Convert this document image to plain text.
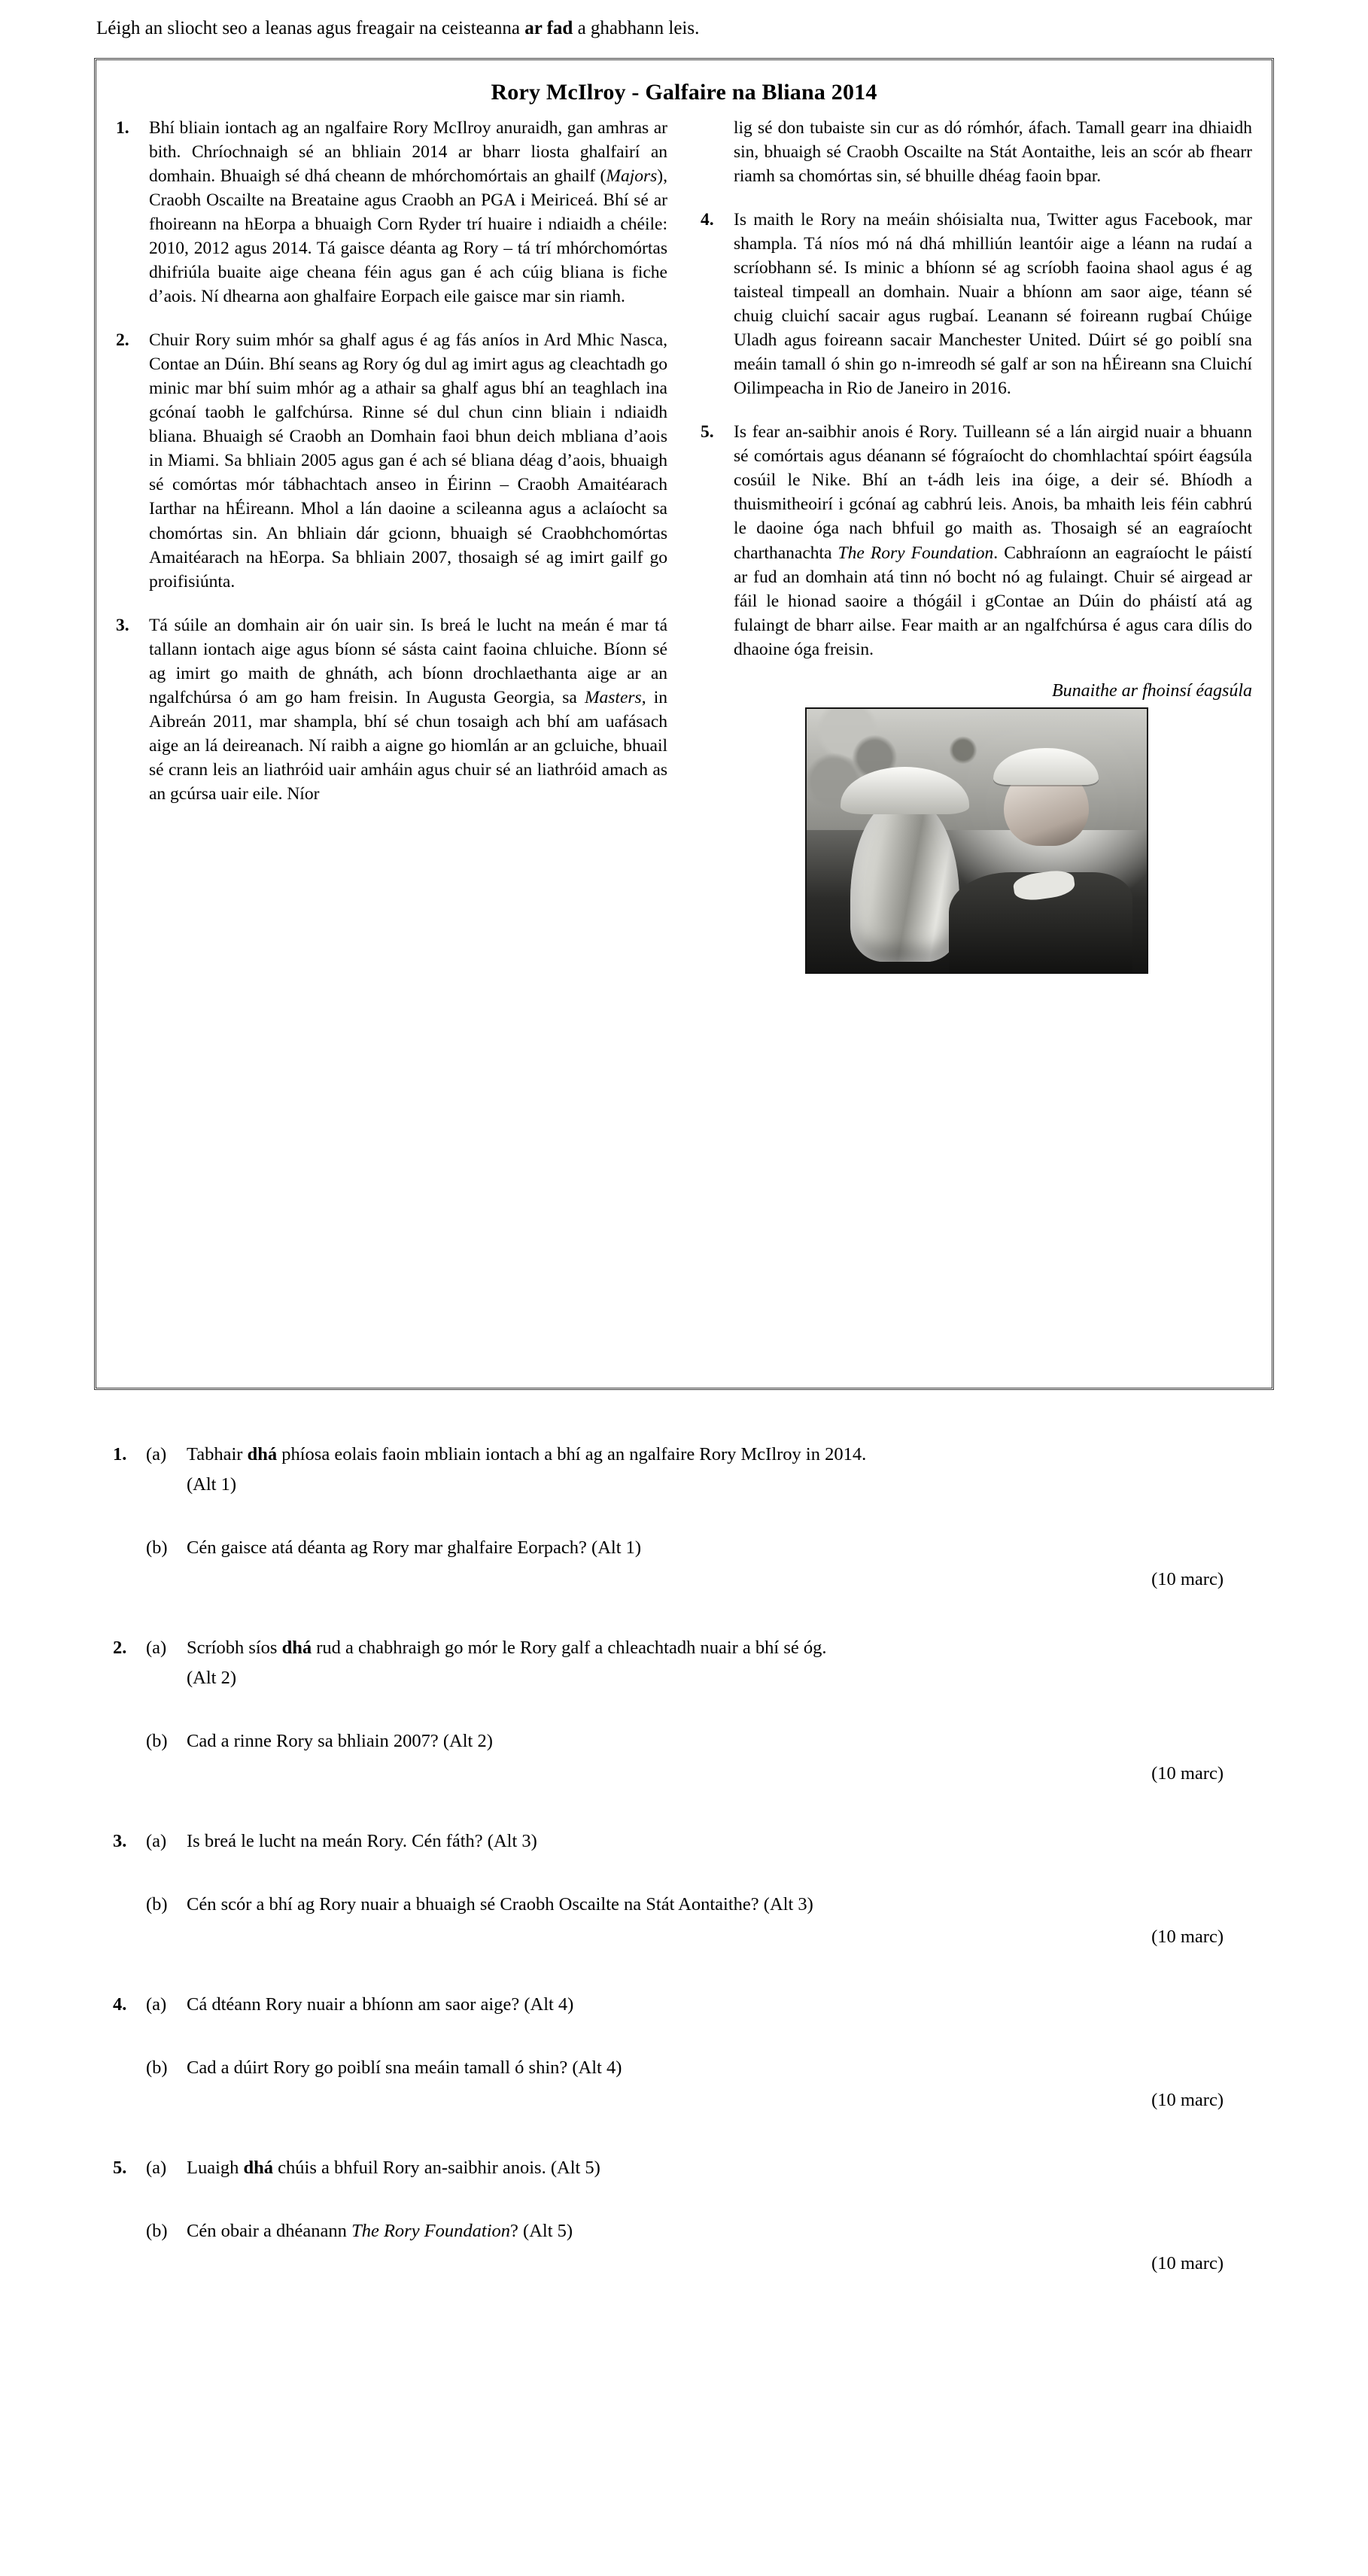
Léigh an sliocht seo a leanas agus freagair na ceisteanna ar fad a ghabhann leis.
Rory McIlroy - Galfaire na Bliana 2014
1.	Bhí bliain iontach ag an ngalfaire Rory McIlroy anuraidh, gan amhras ar bith. Chríochnaigh sé an bhliain 2014 ar bharr liosta ghalfairí an domhain. Bhuaigh sé dhá cheann de mhórchomórtais an ghailf (Majors), Craobh Oscailte na Breataine agus Craobh an PGA i Meiriceá. Bhí sé ar fhoireann na hEorpa a bhuaigh Corn Ryder trí huaire i ndiaidh a chéile: 2010, 2012 agus 2014. Tá gaisce déanta ag Rory – tá trí mhórchomórtas dhifriúla buaite aige cheana féin agus gan é ach cúig bliana is fiche d’aois. Ní dhearna aon ghalfaire Eorpach eile gaisce mar sin riamh.
2.	Chuir Rory suim mhór sa ghalf agus é ag fás aníos in Ard Mhic Nasca, Contae an Dúin. Bhí seans ag Rory óg dul ag imirt agus ag cleachtadh go minic mar bhí suim mhór ag a athair sa ghalf agus bhí an teaghlach ina gcónaí taobh le galfchúrsa. Rinne sé dul chun cinn bliain i ndiaidh bliana. Bhuaigh sé Craobh an Domhain faoi bhun deich mbliana d’aois in Miami. Sa bhliain 2005 agus gan é ach sé bliana déag d’aois, bhuaigh sé comórtas mór tábhachtach anseo in Éirinn – Craobh Amaitéarach Iarthar na hÉireann. Mhol a lán daoine a scileanna agus a aclaíocht sa chomórtas sin. An bhliain dár gcionn, bhuaigh sé Craobhchomórtas Amaitéarach na hEorpa. Sa bhliain 2007, thosaigh sé ag imirt gailf go proifisiúnta.
3.	Tá súile an domhain air ón uair sin. Is breá le lucht na meán é mar tá tallann iontach aige agus bíonn sé sásta caint faoina chluiche. Bíonn sé ag imirt go maith de ghnáth, ach bíonn drochlaethanta aige ar an ngalfchúrsa ó am go ham freisin. In Augusta Georgia, sa Masters, in Aibreán 2011, mar shampla, bhí sé chun tosaigh ach bhí am uafásach aige an lá deireanach. Ní raibh a aigne go hiomlán ar an gcluiche, bhuail sé crann leis an liathróid uair amháin agus chuir sé an liathróid amach as an gcúrsa uair eile. Níor
lig sé don tubaiste sin cur as dó rómhór, áfach. Tamall gearr ina dhiaidh sin, bhuaigh sé Craobh Oscailte na Stát Aontaithe, leis an scór ab fhearr riamh sa chomórtas sin, sé bhuille dhéag faoin bpar.
4.	Is maith le Rory na meáin shóisialta nua, Twitter agus Facebook, mar shampla. Tá níos mó ná dhá mhilliún leantóir aige a léann na rudaí a scríobhann sé. Is minic a bhíonn sé ag scríobh faoina shaol agus é ag taisteal timpeall an domhain. Nuair a bhíonn am saor aige, téann sé chuig cluichí sacair agus rugbaí. Leanann sé foireann rugbaí Chúige Uladh agus foireann sacair Manchester United. Dúirt sé go poiblí sna meáin tamall ó shin go n-imreodh sé galf ar son na hÉireann sna Cluichí Oilimpeacha in Rio de Janeiro in 2016.
5.	Is fear an-saibhir anois é Rory. Tuilleann sé a lán airgid nuair a bhuann sé comórtais agus déanann sé fógraíocht do chomhlachtaí spóirt éagsúla cosúil le Nike. Bhí an t-ádh leis ina óige, a deir sé. Bhíodh a thuismitheoirí i gcónaí ag cabhrú leis. Anois, ba mhaith leis féin cabhrú le daoine óga nach bhfuil go maith as. Thosaigh sé an eagraíocht charthanachta The Rory Foundation. Cabhraíonn an eagraíocht le páistí ar fud an domhain atá tinn nó bocht nó ag fulaingt. Chuir sé airgead ar fáil le hionad saoire a thógáil i gContae an Dúin do pháistí atá ag fulaingt de bharr ailse. Fear maith ar an ngalfchúrsa é agus cara dílis do dhaoine óga freisin.
Bunaithe ar fhoinsí éagsúla
1.	(a)	Tabhair dhá phíosa eolais faoin mbliain iontach a bhí ag an ngalfaire Rory McIlroy in 2014.
(Alt 1)
(b)	Cén gaisce atá déanta ag Rory mar ghalfaire Eorpach? (Alt 1)
(10 marc)
2.	(a)	Scríobh síos dhá rud a chabhraigh go mór le Rory galf a chleachtadh nuair a bhí sé óg.
(Alt 2)
(b)	Cad a rinne Rory sa bhliain 2007? (Alt 2)
(10 marc)
3.	(a)	Is breá le lucht na meán Rory. Cén fáth? (Alt 3)
(b)	Cén scór a bhí ag Rory nuair a bhuaigh sé Craobh Oscailte na Stát Aontaithe? (Alt 3)
(10 marc)
4.	(a)	Cá dtéann Rory nuair a bhíonn am saor aige? (Alt 4)
(b)	Cad a dúirt Rory go poiblí sna meáin tamall ó shin? (Alt 4)
(10 marc)
5.	(a)	Luaigh dhá chúis a bhfuil Rory an-saibhir anois. (Alt 5)
(b)	Cén obair a dhéanann The Rory Foundation? (Alt 5)
(10 marc)
